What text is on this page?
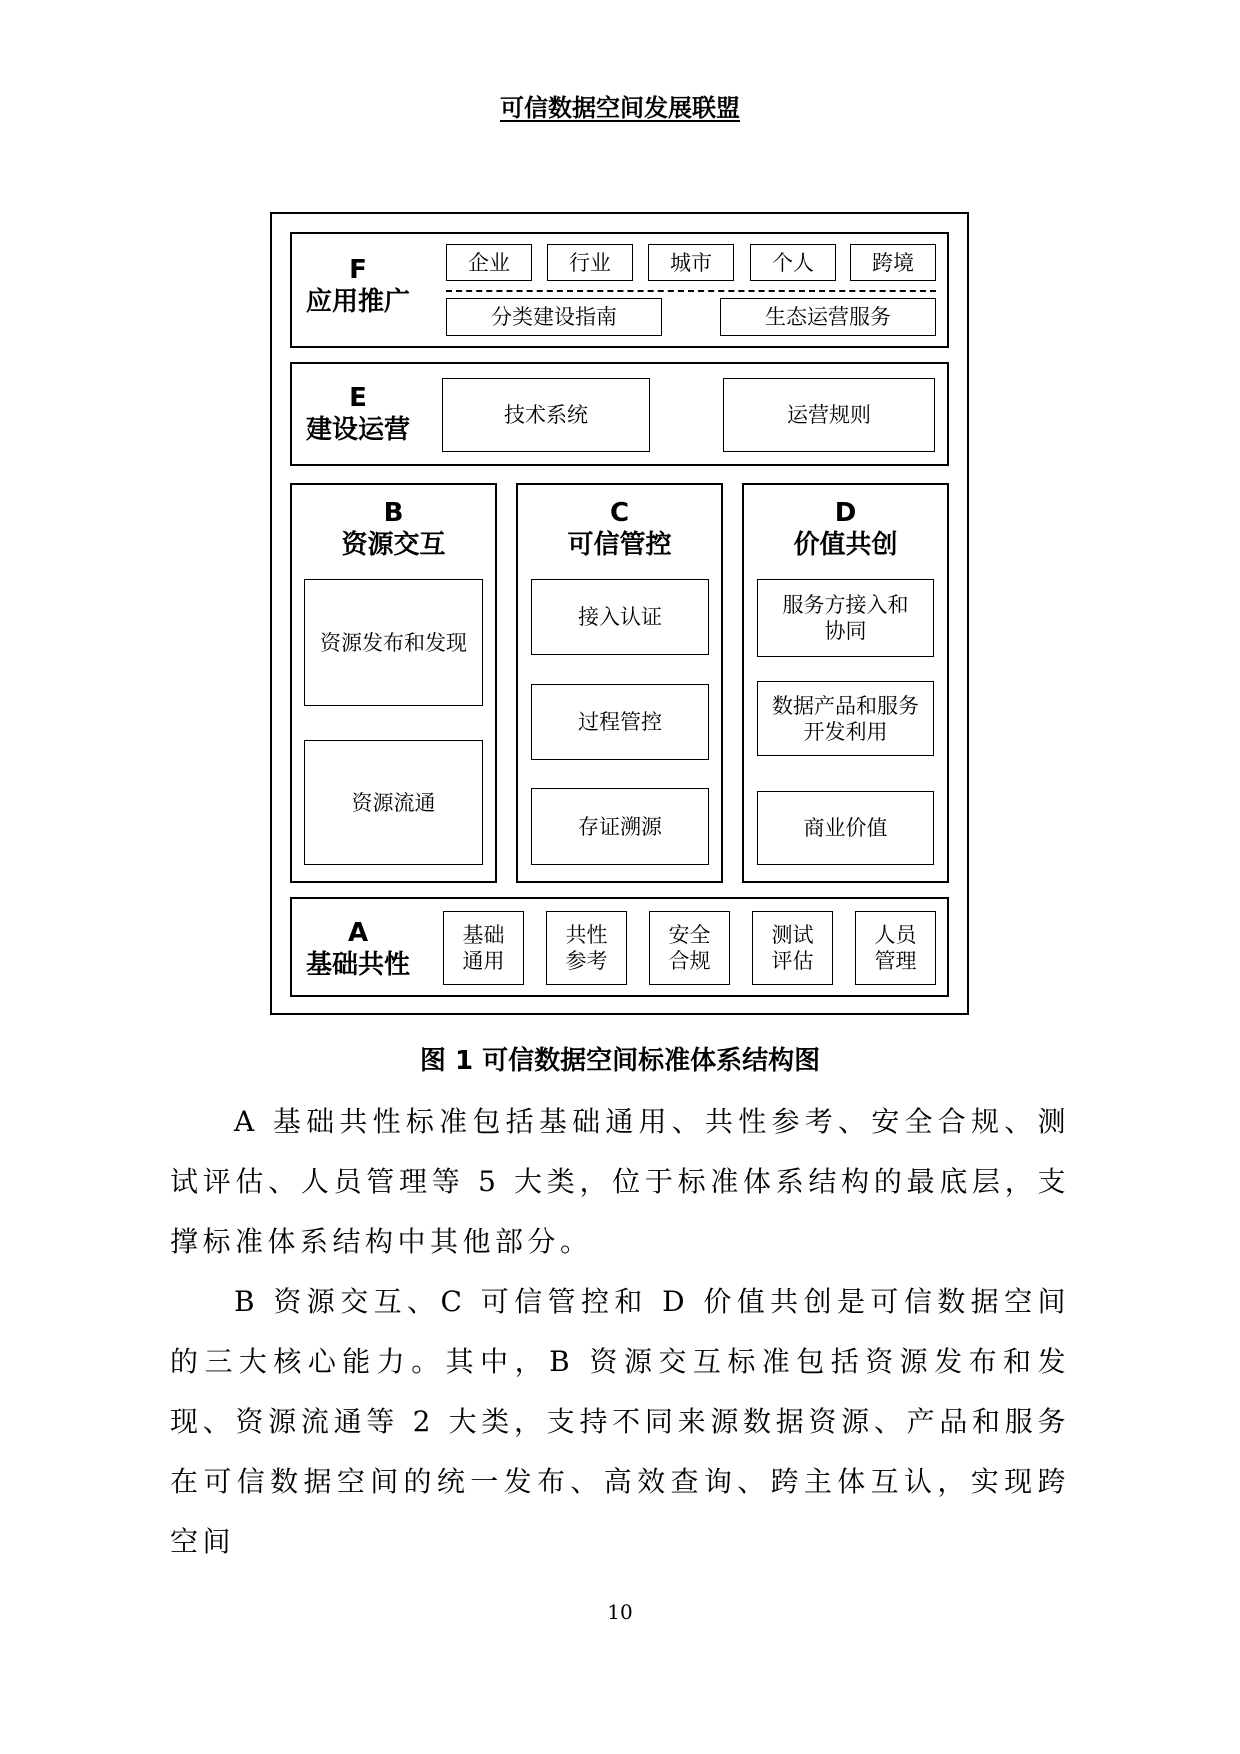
可信数据空间发展联盟
F
应用推广
企业	行业	城市	个人	跨境
分类建设指南	生态运营服务
E
建设运营	技术系统	运营规则
B
资源交互
资源发布和发现
资源流通
C
可信管控
接入认证
过程管控
存证溯源
D
价值共创
服务方接入和
协同
数据产品和服务
开发利用
商业价值
A
基础共性
基础
通用
共性
参考
安全
合规
测试
评估
人员
管理
图 1 可信数据空间标准体系结构图
A 基础共性标准包括基础通用、共性参考、安全合规、测试评估、人员管理等 5 大类，位于标准体系结构的最底层，支撑标准体系结构中其他部分。
B 资源交互、C 可信管控和 D 价值共创是可信数据空间的三大核心能力。其中，B 资源交互标准包括资源发布和发现、资源流通等 2 大类，支持不同来源数据资源、产品和服务在可信数据空间的统一发布、高效查询、跨主体互认，实现跨空间
10
